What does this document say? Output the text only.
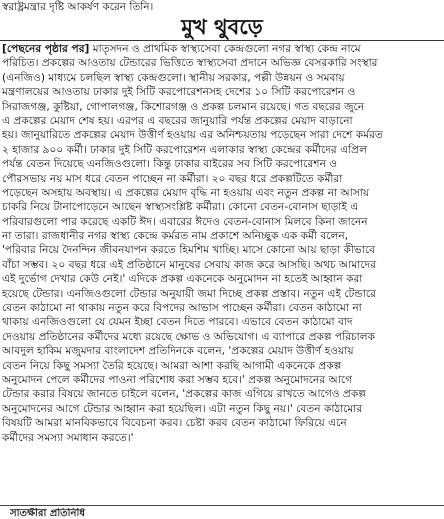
স্বরাষ্ট্রমন্ত্রার দৃষ্টি আকর্ষণ করেন তিনি।
মুখ থুবড়ে
[পেছনের পৃষ্ঠার পর] মাতৃসদন ও প্রাথমিক স্বাস্থ্যসেবা কেন্দ্রগুলো নগর স্বাস্থ্য কেন্দ্র নামে
পরিচিত। প্রকল্পের আওতায় টেন্ডারের ভিত্তিতে স্বাস্থ্যসেবা প্রদানে অভিজ্ঞ বেসরকারি সংস্থার
(এনজিও) মাধ্যমে চলছিল স্বাস্থ্য কেন্দ্রগুলো। স্থানীয় সরকার, পল্লী উন্নয়ন ও সমবায়
মন্ত্রণালয়ের আওতায় ঢাকার দুই সিটি করপোরেশনসহ দেশের ১০ সিটি করপোরেশন ও
সিরাজগঞ্জ, কুষ্টিয়া, গোপালগঞ্জ, কিশোরগঞ্জ ও প্রকল্প চলমান রয়েছে। গত বছরের জুনে
এ প্রকল্পের মেয়াদ শেষ হয়। এরপর এ বছরের জানুয়ারি পর্যন্ত প্রকল্পের মেয়াদ বাড়ানো
হয়। জানুয়ারিতে প্রকল্পের মেয়াদ উত্তীর্ণ হওয়ায় এর অনিশ্চয়তায় পড়েছেন সারা দেশে কর্মরত
২ হাজার ৯০০ কর্মী। ঢাকার দুই সিটি করপোরেশন এলাকার স্বাস্থ্য কেন্দ্রের কর্মীদের এপ্রিল
পর্যন্ত বেতন দিয়েছে এনজিওগুলো। কিন্তু ঢাকার বাইরের সব সিটি করপোরেশন ও
পৌরসভায় নয় মাস ধরে বেতন পাচ্ছেন না কর্মীরা। ২০ বছর ধরে প্রকল্পটিতে কর্মীরা
পড়েছেন অসহায় অবস্থায়। এ প্রকল্পের মেয়াদ বৃদ্ধি না হওয়ায় এবং নতুন প্রকল্প না আসায়
চাকরি নিয়ে টানাপোড়েনে আছেন স্বাস্থ্যসংশ্লিষ্ট কর্মীরা। কোনো বেতন-বোনাস ছাড়াই এ
পরিবারগুলো পার করেছে একটি ঈদ। এবারের ঈদেও বেতন-বোনাস মিলবে কিনা জানেন
না তারা। রাজধানীর নগর স্বাস্থ্য কেন্দ্রে কর্মরত নাম প্রকাশে অনিচ্ছুক এক কর্মী বলেন,
'পরিবার নিয়ে দৈনন্দিন জীবনযাপন করতে হিমশিম খাচ্ছি। মাসে কোনো আয় ছাড়া কীভাবে
বাঁচা সম্ভব। ২০ বছর ধরে এই প্রতিষ্ঠানে মানুষের সেবায় কাজ করে আসছি। অথচ আমাদের
এই দুর্ভোগ দেখার কেউ নেই।' এদিকে প্রকল্প একনেকে অনুমোদন না হতেই আহ্বান করা
হয়েছে টেন্ডার। এনজিওগুলো টেন্ডার অনুযায়ী জমা দিচ্ছে প্রকল্প প্রস্তাব। নতুন এই টেন্ডারে
বেতন কাঠামো না থাকায় নতুন করে বিপদের আভাস পাচ্ছেন কর্মীরা। বেতন কাঠামো না
থাকায় এনজিওগুলো যে যেমন ইচ্ছা বেতন দিতে পারবে। এভাবে বেতন কাঠামো বাদ
দেওয়ায় প্রতিষ্ঠানের কর্মীদের মধ্যে রয়েছে ক্ষোভ ও অভিযোগ। এ ব্যাপারে প্রকল্প পরিচালক
আবদুল হাকিম মজুমদার বাংলাদেশ প্রতিদিনকে বলেন, 'প্রকল্পের মেয়াদ উত্তীর্ণ হওয়ায়
বেতন নিয়ে কিছু সমস্যা তৈরি হয়েছে। আমরা আশা করছি আগামী একনেকে প্রকল্প
অনুমোদন পেলে কর্মীদের পাওনা পরিশোধ করা সম্ভব হবে।' প্রকল্প অনুমোদনের আগে
টেন্ডার করার বিষয়ে জানতে চাইলে বলেন, 'প্রকল্পের কাজ এগিয়ে রাখতে আগেও প্রকল্প
অনুমোদনের আগে টেন্ডার আহ্বান করা হয়েছিল। এটা নতুন কিছু নয়।' বেতন কাঠামোর
বিষয়টি আমরা মানবিকভাবে বিবেচনা করব। চেষ্টা করব বেতন কাঠামো ফিরিয়ে এনে
কর্মীদের সমস্যা সমাধান করতে।'
সাতক্ষীরা প্রতিনিধি
